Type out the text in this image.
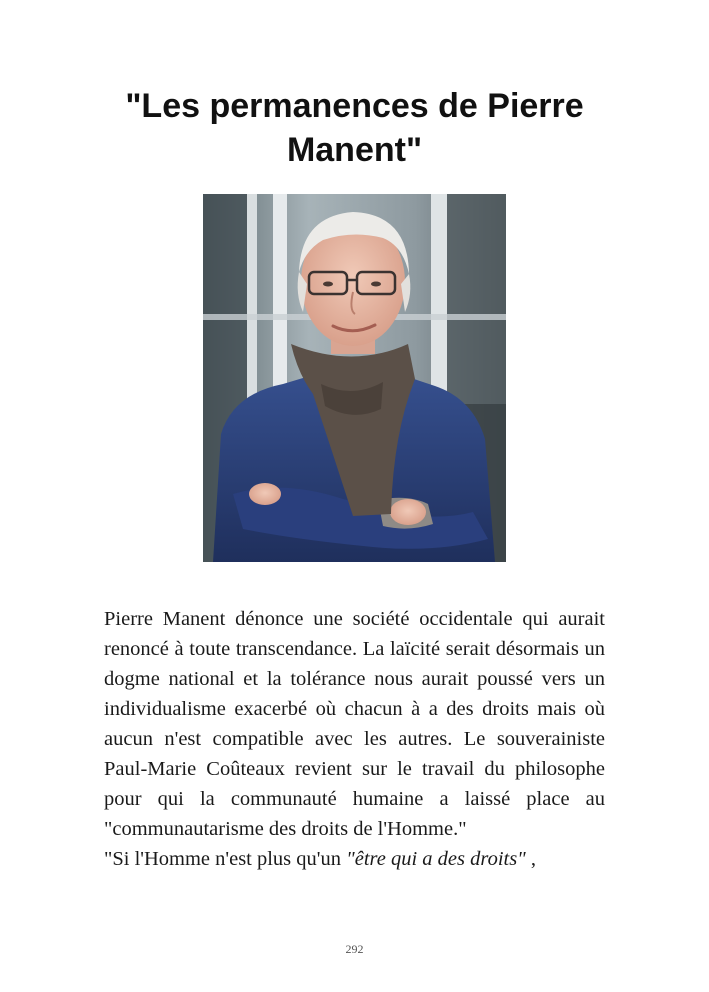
"Les permanences de Pierre
Manent"

Pierre Manent dénonce une société occidentale qui aurait renoncé à toute transcendance. La laïcité serait désormais un dogme national et la tolérance nous aurait poussé vers un individualisme exacerbé où chacun à a des droits mais où aucun n'est compatible avec les autres. Le souverainiste Paul-Marie Coûteaux revient sur le travail du philosophe pour qui la communauté humaine a laissé place au "communautarisme des droits de l'Homme."

"Si l'Homme n'est plus qu'un "être qui a des droits" ,

292
